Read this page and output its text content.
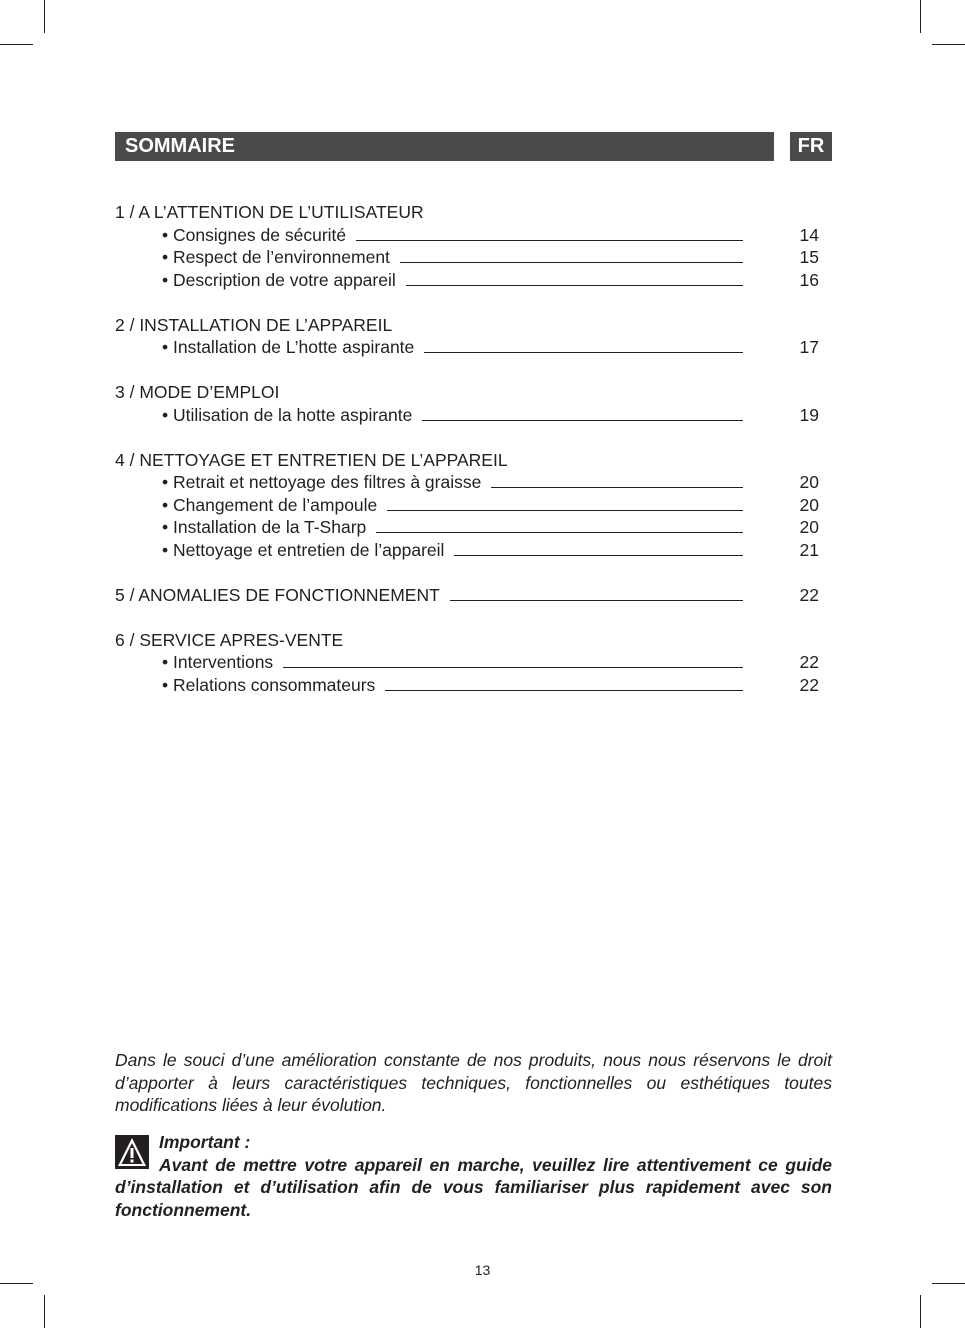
SOMMAIRE	FR
1 / A L’ATTENTION DE L’UTILISATEUR
• Consignes de sécurité	14
• Respect de l’environnement	15
• Description de votre appareil	16
2 / INSTALLATION DE L’APPAREIL
• Installation de L’hotte aspirante	17
3 / MODE D’EMPLOI
• Utilisation de la hotte aspirante	19
4 / NETTOYAGE ET ENTRETIEN DE L’APPAREIL
• Retrait et nettoyage des filtres à graisse	20
• Changement de l’ampoule	20
• Installation de la T-Sharp	20
• Nettoyage et entretien de l’appareil	21
5 / ANOMALIES DE FONCTIONNEMENT	22
6 / SERVICE APRES-VENTE
• Interventions	22
• Relations consommateurs	22

Dans le souci d’une amélioration constante de nos produits, nous nous réservons le droit d’apporter à leurs caractéristiques techniques, fonctionnelles ou esthétiques toutes modifications liées à leur évolution.

Important :
Avant de mettre votre appareil en marche, veuillez lire attentivement ce guide d’installation et d’utilisation afin de vous familiariser plus rapidement avec son fonctionnement.

13
